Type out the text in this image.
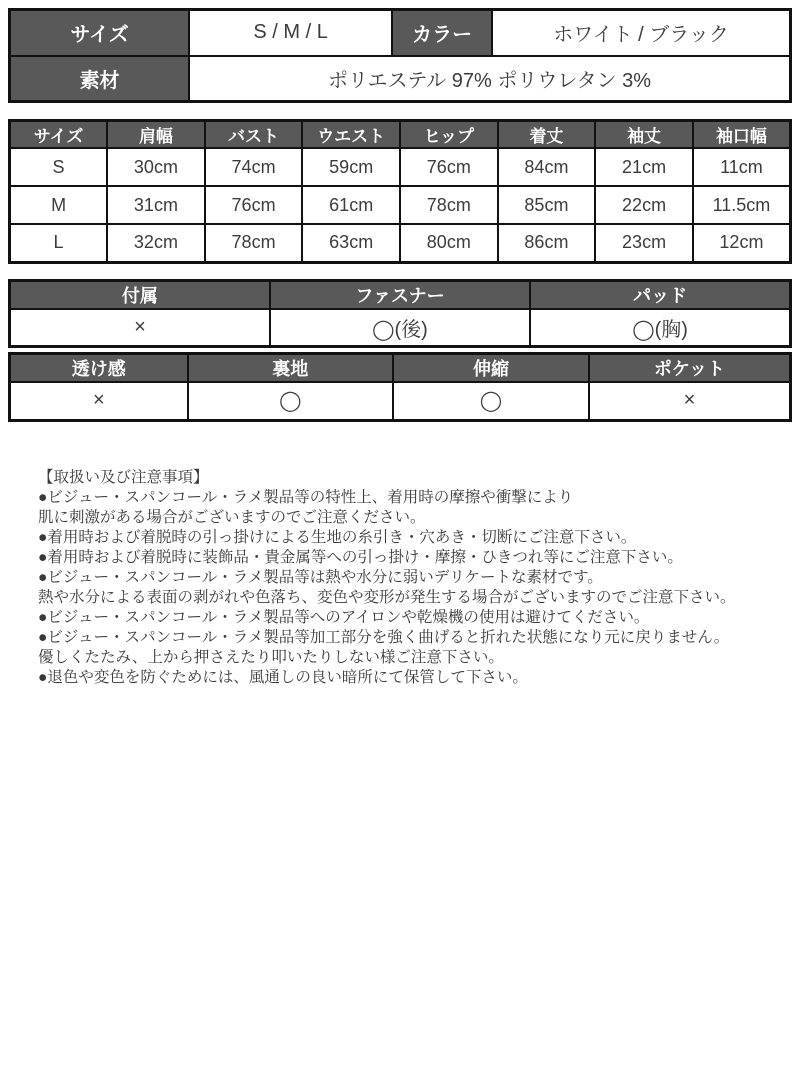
サイズ	S / M / L	カラー	ホワイト / ブラック
素材	ポリエステル 97% ポリウレタン 3%		
サイズ	肩幅	バスト	ウエスト	ヒップ	着丈	袖丈	袖口幅
S	30cm	74cm	59cm	76cm	84cm	21cm	11cm
M	31cm	76cm	61cm	78cm	85cm	22cm	11.5cm
L	32cm	78cm	63cm	80cm	86cm	23cm	12cm
付属	ファスナー	パッド
×	◯(後)	◯(胸)
透け感	裏地	伸縮	ポケット
×	◯	◯	×
【取扱い及び注意事項】
●ビジュー・スパンコール・ラメ製品等の特性上、着用時の摩擦や衝撃により
肌に刺激がある場合がございますのでご注意ください。
●着用時および着脱時の引っ掛けによる生地の糸引き・穴あき・切断にご注意下さい。
●着用時および着脱時に装飾品・貴金属等への引っ掛け・摩擦・ひきつれ等にご注意下さい。
●ビジュー・スパンコール・ラメ製品等は熱や水分に弱いデリケートな素材です。
熱や水分による表面の剥がれや色落ち、変色や変形が発生する場合がございますのでご注意下さい。
●ビジュー・スパンコール・ラメ製品等へのアイロンや乾燥機の使用は避けてください。
●ビジュー・スパンコール・ラメ製品等加工部分を強く曲げると折れた状態になり元に戻りません。
優しくたたみ、上から押さえたり叩いたりしない様ご注意下さい。
●退色や変色を防ぐためには、風通しの良い暗所にて保管して下さい。
